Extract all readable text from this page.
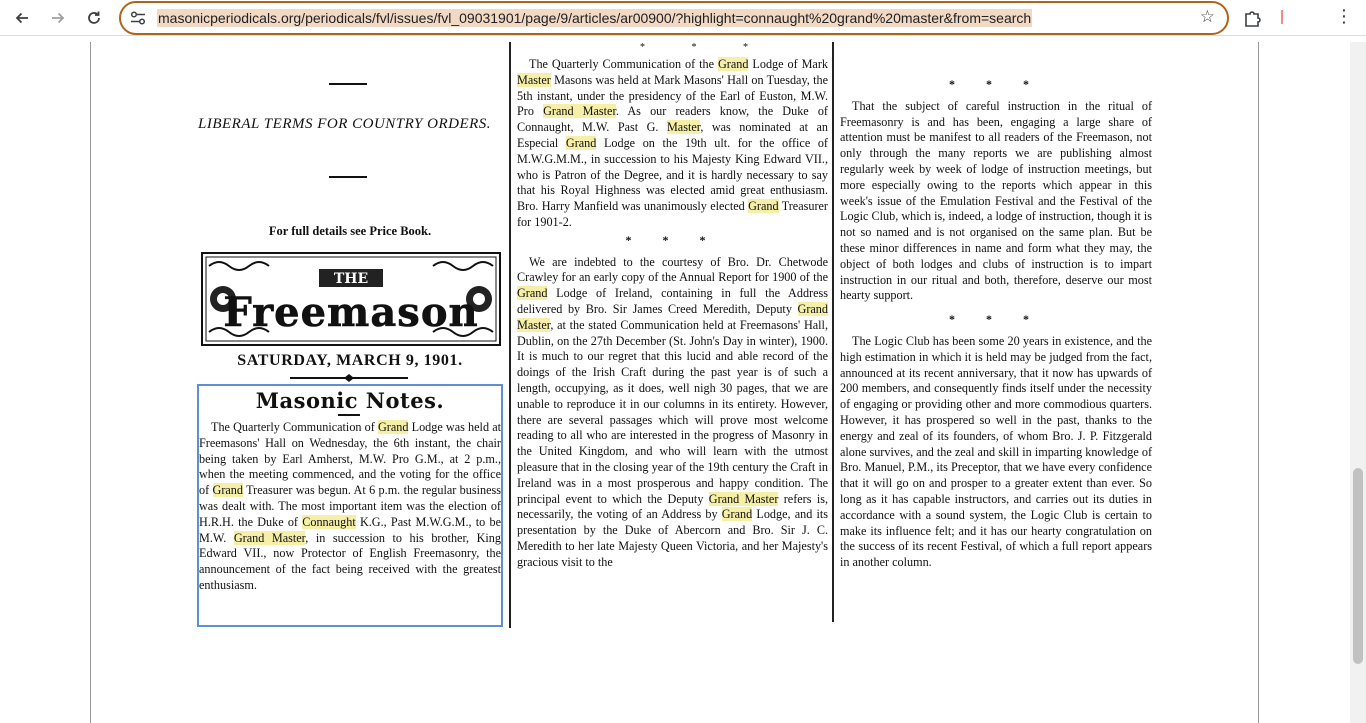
masonicperiodicals.org/periodicals/fvl/issues/fvl_09031901/page/9/articles/ar00900/?highlight=connaught%20grand%20master&from=search	☆	⋮
LIBERAL TERMS FOR COUNTRY ORDERS.
For full details see Price Book.
THE
Freemason
SATURDAY, MARCH 9, 1901.
Masonic Notes.

The Quarterly Communication of Grand Lodge was held at Freemasons' Hall on Wednesday, the 6th instant, the chair being taken by Earl Amherst, M.W. Pro G.M., at 2 p.m., when the meeting commenced, and the voting for the office of Grand Treasurer was begun. At 6 p.m. the regular business was dealt with. The most important item was the election of H.R.H. the Duke of Connaught K.G., Past M.W.G.M., to be M.W. Grand Master, in succession to his brother, King Edward VII., now Protector of English Freemasonry, the announcement of the fact being received with the greatest enthusiasm.

* * *

The Quarterly Communication of the Grand Lodge of Mark Master Masons was held at Mark Masons' Hall on Tuesday, the 5th instant, under the presidency of the Earl of Euston, M.W. Pro Grand Master. As our readers know, the Duke of Connaught, M.W. Past G. Master, was nominated at an Especial Grand Lodge on the 19th ult. for the office of M.W.G.M.M., in succession to his Majesty King Edward VII., who is Patron of the Degree, and it is hardly necessary to say that his Royal Highness was elected amid great enthusiasm. Bro. Harry Manfield was unanimously elected Grand Treasurer for 1901-2.

* * *

We are indebted to the courtesy of Bro. Dr. Chetwode Crawley for an early copy of the Annual Report for 1900 of the Grand Lodge of Ireland, containing in full the Address delivered by Bro. Sir James Creed Meredith, Deputy Grand Master, at the stated Communication held at Freemasons' Hall, Dublin, on the 27th December (St. John's Day in winter), 1900. It is much to our regret that this lucid and able record of the doings of the Irish Craft during the past year is of such a length, occupying, as it does, well nigh 30 pages, that we are unable to reproduce it in our columns in its entirety. However, there are several passages which will prove most welcome reading to all who are interested in the progress of Masonry in the United Kingdom, and who will learn with the utmost pleasure that in the closing year of the 19th century the Craft in Ireland was in a most prosperous and happy condition. The principal event to which the Deputy Grand Master refers is, necessarily, the voting of an Address by Grand Lodge, and its presentation by the Duke of Abercorn and Bro. Sir J. C. Meredith to her late Majesty Queen Victoria, and her Majesty's gracious visit to the

* * *

That the subject of careful instruction in the ritual of Freemasonry is and has been, engaging a large share of attention must be manifest to all readers of the Freemason, not only through the many reports we are publishing almost regularly week by week of lodge of instruction meetings, but more especially owing to the reports which appear in this week's issue of the Emulation Festival and the Festival of the Logic Club, which is, indeed, a lodge of instruction, though it is not so named and is not organised on the same plan. But be these minor differences in name and form what they may, the object of both lodges and clubs of instruction is to impart instruction in our ritual and both, therefore, deserve our most hearty support.

* * *

The Logic Club has been some 20 years in existence, and the high estimation in which it is held may be judged from the fact, announced at its recent anniversary, that it now has upwards of 200 members, and consequently finds itself under the necessity of engaging or providing other and more commodious quarters. However, it has prospered so well in the past, thanks to the energy and zeal of its founders, of whom Bro. J. P. Fitzgerald alone survives, and the zeal and skill in imparting knowledge of Bro. Manuel, P.M., its Preceptor, that we have every confidence that it will go on and prosper to a greater extent than ever. So long as it has capable instructors, and carries out its duties in accordance with a sound system, the Logic Club is certain to make its influence felt; and it has our hearty congratulation on the success of its recent Festival, of which a full report appears in another column.
